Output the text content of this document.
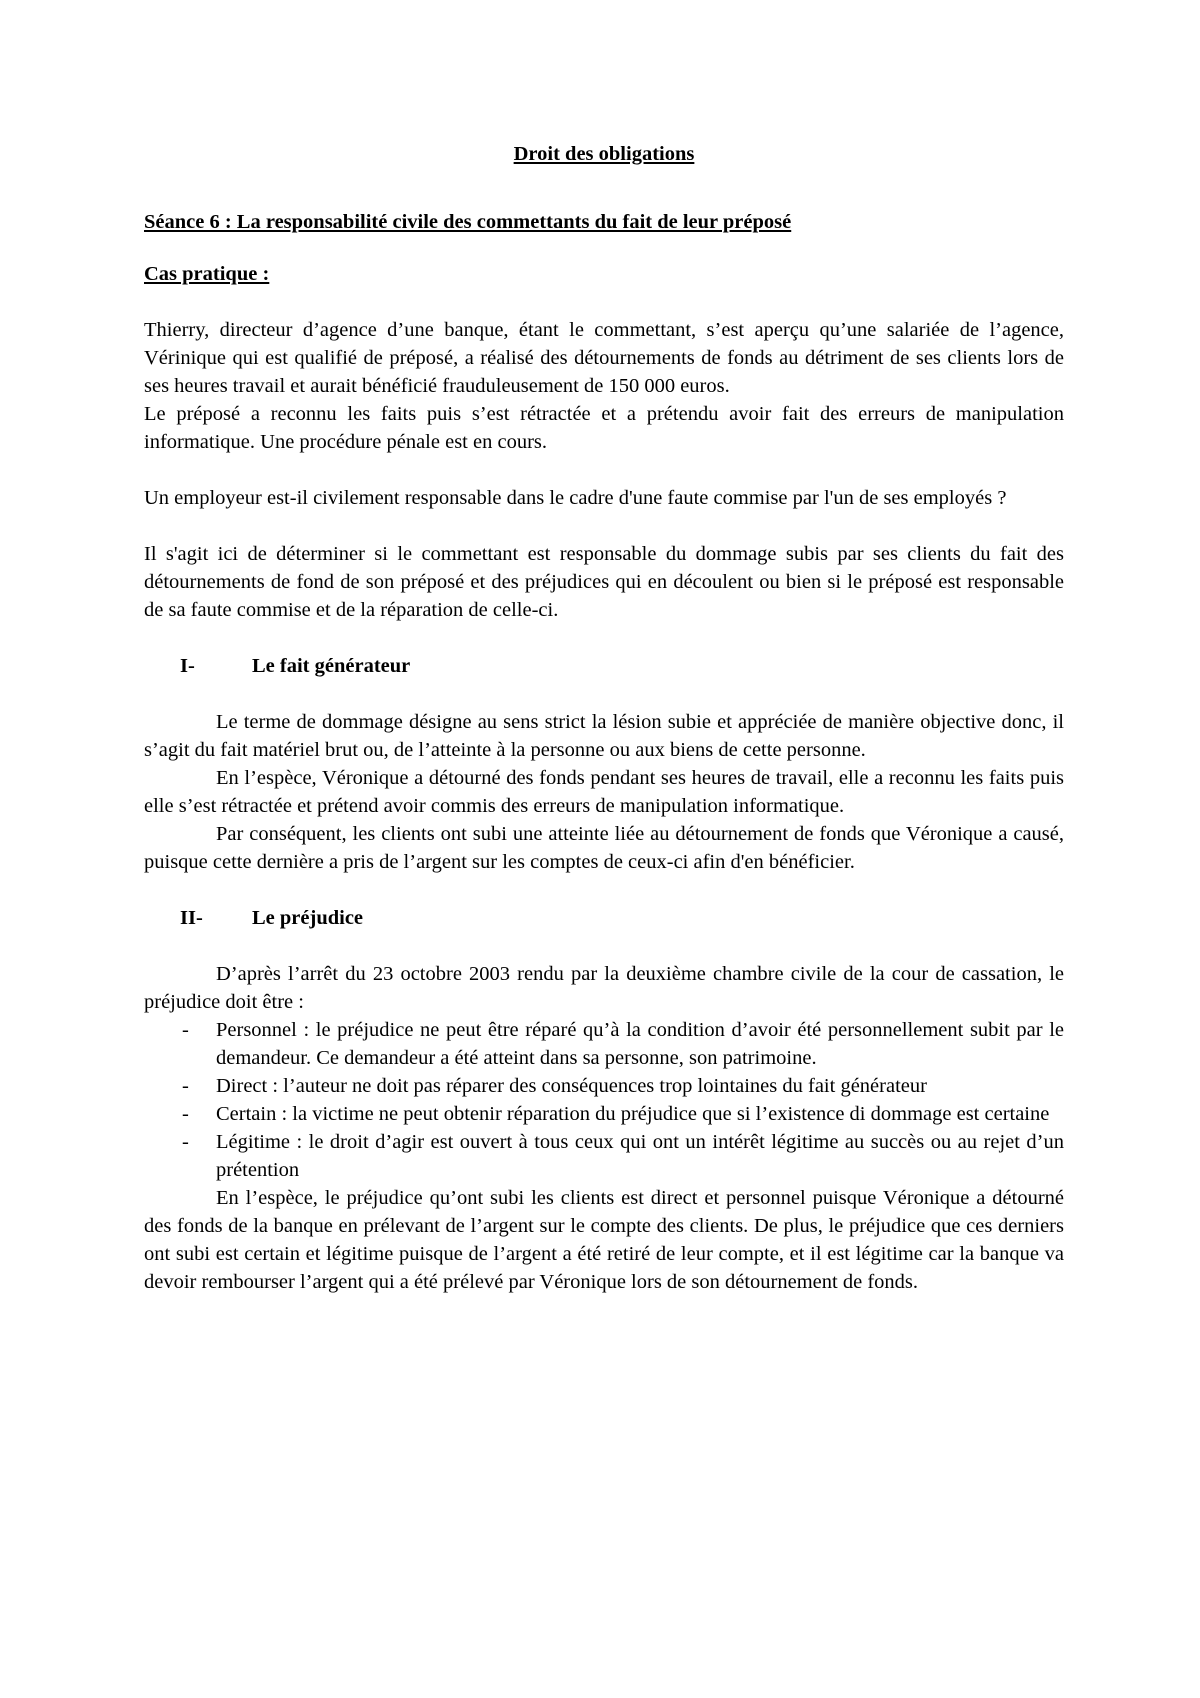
Droit des obligations

Séance 6 : La responsabilité civile des commettants du fait de leur préposé

Cas pratique :

Thierry, directeur d’agence d’une banque, étant le commettant, s’est aperçu qu’une salariée de l’agence, Vérinique qui est qualifié de préposé, a réalisé des détournements de fonds au détriment de ses clients lors de ses heures travail et aurait bénéficié frauduleusement de 150 000 euros.

Le préposé a reconnu les faits puis s’est rétractée et a prétendu avoir fait des erreurs de manipulation informatique. Une procédure pénale est en cours.

Un employeur est-il civilement responsable dans le cadre d'une faute commise par l'un de ses employés ?

Il s'agit ici de déterminer si le commettant est responsable du dommage subis par ses clients du fait des détournements de fond de son préposé et des préjudices qui en découlent ou bien si le préposé est responsable de sa faute commise et de la réparation de celle-ci.

I-	Le fait générateur

Le terme de dommage désigne au sens strict la lésion subie et appréciée de manière objective donc, il s’agit du fait matériel brut ou, de l’atteinte à la personne ou aux biens de cette personne.

En l’espèce, Véronique a détourné des fonds pendant ses heures de travail, elle a reconnu les faits puis elle s’est rétractée et prétend avoir commis des erreurs de manipulation informatique.

Par conséquent, les clients ont subi une atteinte liée au détournement de fonds que Véronique a causé, puisque cette dernière a pris de l’argent sur les comptes de ceux-ci afin d'en bénéficier.

II-	Le préjudice

D’après l’arrêt du 23 octobre 2003 rendu par la deuxième chambre civile de la cour de cassation, le préjudice doit être :

- Personnel : le préjudice ne peut être réparé qu’à la condition d’avoir été personnellement subit par le demandeur. Ce demandeur a été atteint dans sa personne, son patrimoine.
- Direct : l’auteur ne doit pas réparer des conséquences trop lointaines du fait générateur
- Certain : la victime ne peut obtenir réparation du préjudice que si l’existence di dommage est certaine
- Légitime : le droit d’agir est ouvert à tous ceux qui ont un intérêt légitime au succès ou au rejet d’un prétention

En l’espèce, le préjudice qu’ont subi les clients est direct et personnel puisque Véronique a détourné des fonds de la banque en prélevant de l’argent sur le compte des clients. De plus, le préjudice que ces derniers ont subi est certain et légitime puisque de l’argent a été retiré de leur compte, et il est légitime car la banque va devoir rembourser l’argent qui a été prélevé par Véronique lors de son détournement de fonds.
